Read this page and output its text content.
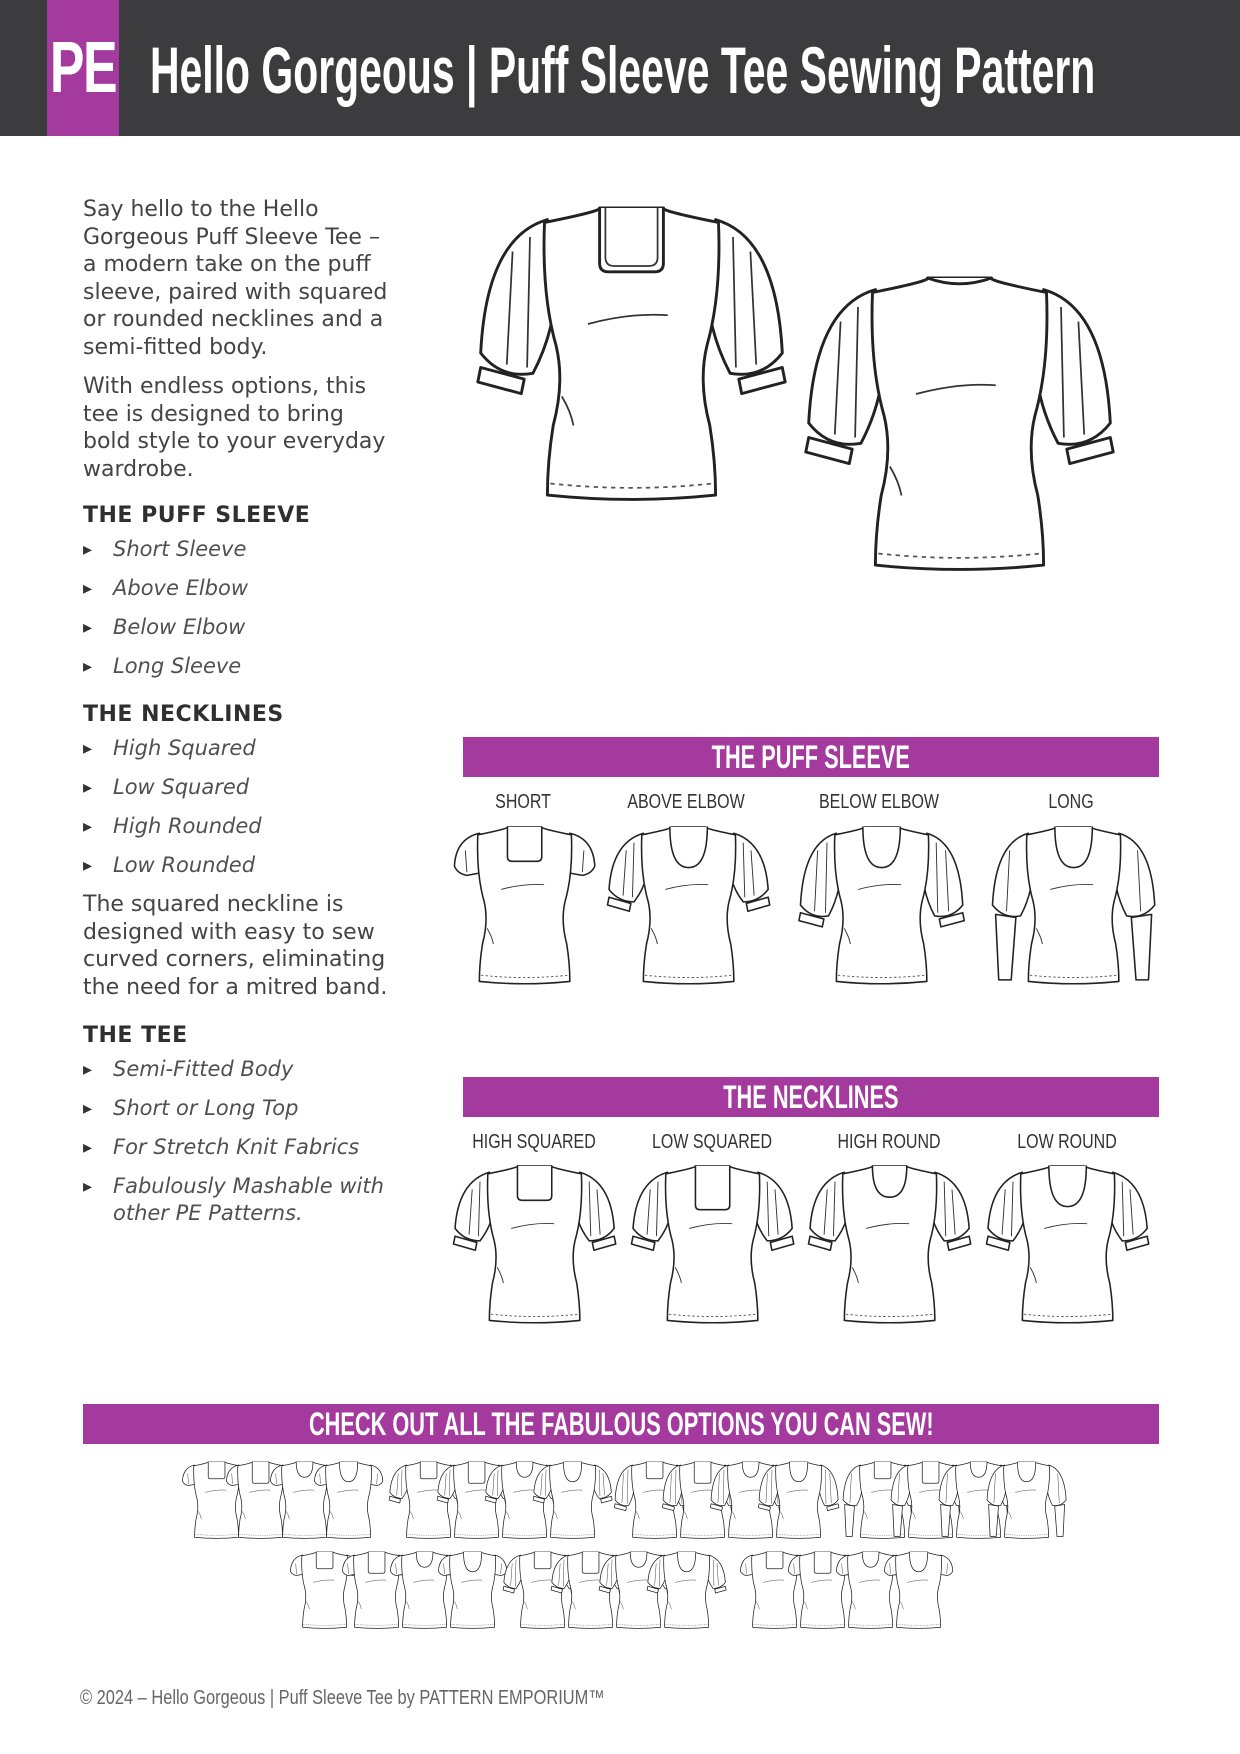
PE Hello Gorgeous | Puff Sleeve Tee Sewing Pattern

Say hello to the Hello Gorgeous Puff Sleeve Tee – a modern take on the puff sleeve, paired with squared or rounded necklines and a semi-fitted body.

With endless options, this tee is designed to bring bold style to your everyday wardrobe.

THE PUFF SLEEVE
▸ Short Sleeve
▸ Above Elbow
▸ Below Elbow
▸ Long Sleeve
THE NECKLINES
▸ High Squared
▸ Low Squared
▸ High Rounded
▸ Low Rounded

The squared neckline is designed with easy to sew curved corners, eliminating the need for a mitred band.

THE TEE
▸ Semi-Fitted Body
▸ Short or Long Top
▸ For Stretch Knit Fabrics
▸ Fabulously Mashable with other PE Patterns.
THE PUFF SLEEVE
THE NECKLINES
CHECK OUT ALL THE FABULOUS OPTIONS YOU CAN SEW!
SHORT	ABOVE ELBOW	BELOW ELBOW	LONG
HIGH SQUARED	LOW SQUARED	HIGH ROUND	LOW ROUND
© 2024 – Hello Gorgeous | Puff Sleeve Tee by PATTERN EMPORIUM™
